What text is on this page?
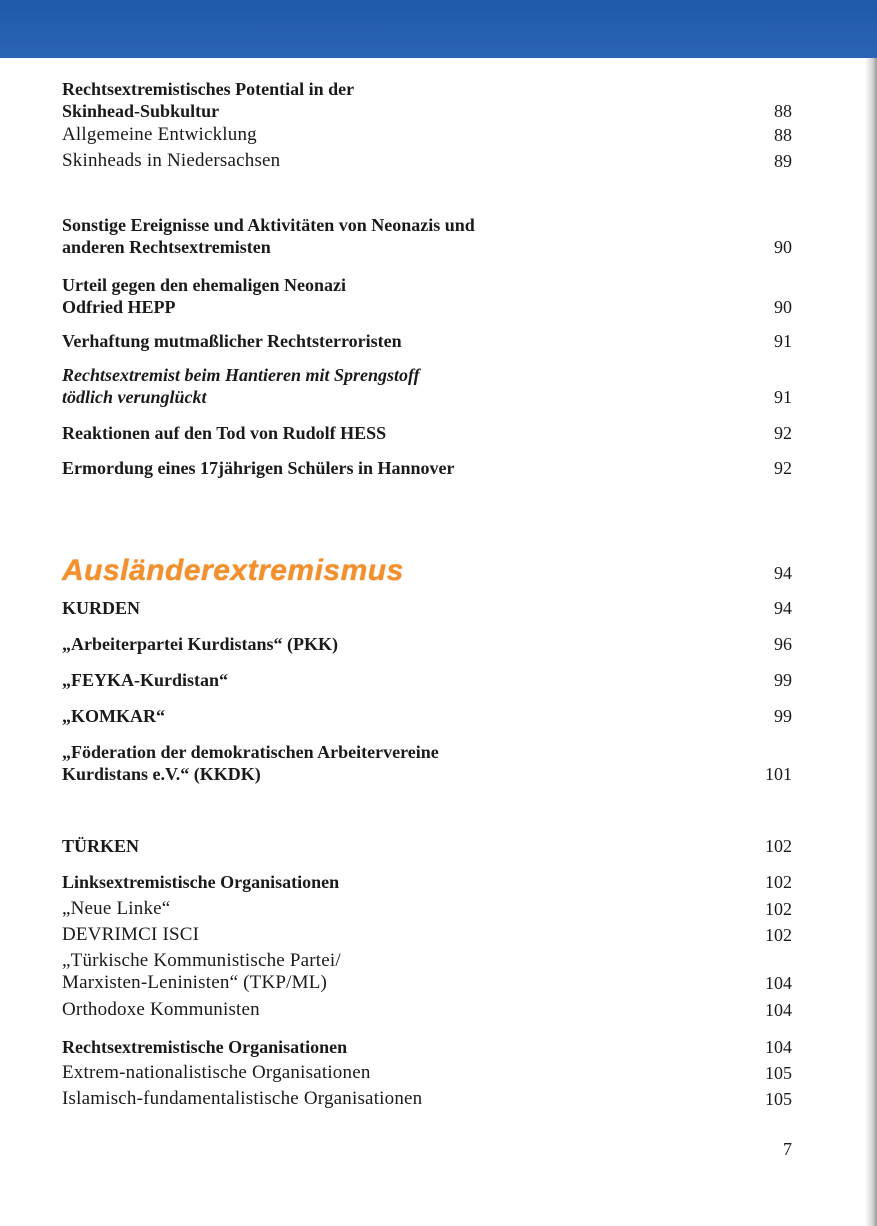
Rechtsextremistisches Potential in der
Skinhead-Subkultur	88
Allgemeine Entwicklung	88
Skinheads in Niedersachsen	89
Sonstige Ereignisse und Aktivitäten von Neonazis und
anderen Rechtsextremisten	90
Urteil gegen den ehemaligen Neonazi
Odfried HEPP	90
Verhaftung mutmaßlicher Rechtsterroristen	91
Rechtsextremist beim Hantieren mit Sprengstoff
tödlich verunglückt	91
Reaktionen auf den Tod von Rudolf HESS	92
Ermordung eines 17jährigen Schülers in Hannover	92
Ausländerextremismus	94
KURDEN	94
„Arbeiterpartei Kurdistans“ (PKK)	96
„FEYKA-Kurdistan“	99
„KOMKAR“	99
„Föderation der demokratischen Arbeitervereine
Kurdistans e.V.“ (KKDK)	101
TÜRKEN	102
Linksextremistische Organisationen	102
„Neue Linke“	102
DEVRIMCI ISCI	102
„Türkische Kommunistische Partei/
Marxisten-Leninisten“ (TKP/ML)	104
Orthodoxe Kommunisten	104
Rechtsextremistische Organisationen	104
Extrem-nationalistische Organisationen	105
Islamisch-fundamentalistische Organisationen	105
7
